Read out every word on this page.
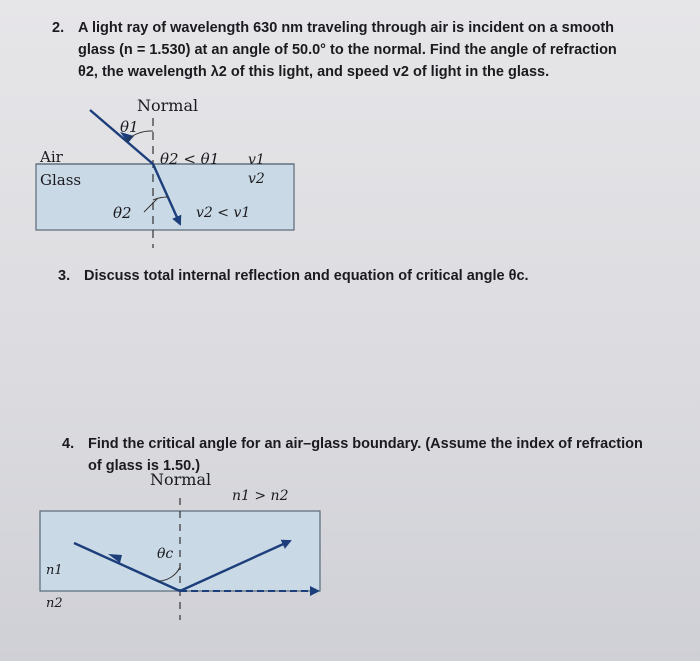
2. A light ray of wavelength 630 nm traveling through air is incident on a smooth
glass (n = 1.530) at an angle of 50.0° to the normal. Find the angle of refraction
θ2, the wavelength λ2 of this light, and speed v2 of light in the glass.
Normal
θ1
θ2 < θ1 v1
Air
Glass	v2
θ2	v2 < v1
3. Discuss total internal reflection and equation of critical angle θc.
4. Find the critical angle for an air–glass boundary. (Assume the index of refraction
of glass is 1.50.)
Normal
n1 > n2
θc
n1
n2
